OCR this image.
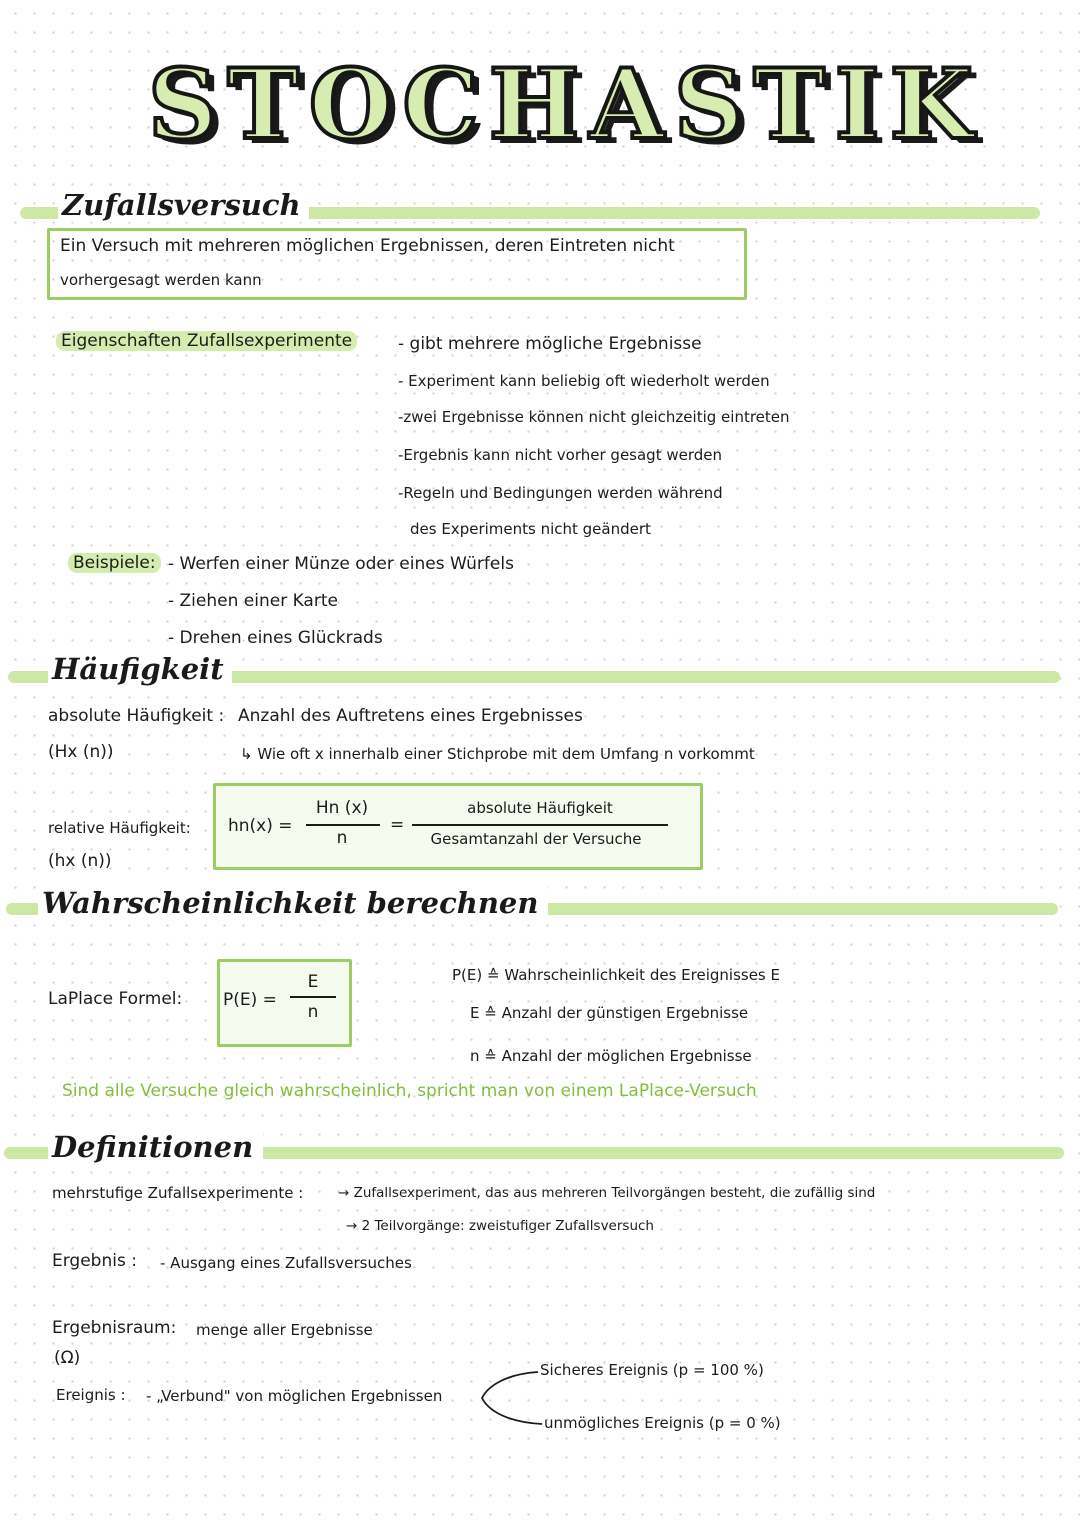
STOCHASTIK
Zufallsversuch
Ein Versuch mit mehreren möglichen Ergebnissen, deren Eintreten nicht
vorhergesagt werden kann
Eigenschaften Zufallsexperimente	- gibt mehrere mögliche Ergebnisse
- Experiment kann beliebig oft wiederholt werden
-zwei Ergebnisse können nicht gleichzeitig eintreten
-Ergebnis kann nicht vorher gesagt werden
-Regeln und Bedingungen werden während
des Experiments nicht geändert
Beispiele: - Werfen einer Münze oder eines Würfels
- Ziehen einer Karte
- Drehen eines Glückrads
Häufigkeit
absolute Häufigkeit : Anzahl des Auftretens eines Ergebnisses
(Hx (n))	↳ Wie oft x innerhalb einer Stichprobe mit dem Umfang n vorkommt
relative Häufigkeit:
(hx (n))
hn(x) =
Hn (x)
n
=
absolute Häufigkeit
Gesamtanzahl der Versuche
Wahrscheinlichkeit berechnen
LaPlace Formel: P(E) =
E
n
P(E) ≙ Wahrscheinlichkeit des Ereignisses E
E ≙ Anzahl der günstigen Ergebnisse
n ≙ Anzahl der möglichen Ergebnisse
Sind alle Versuche gleich wahrscheinlich, spricht man von einem LaPlace-Versuch
Definitionen
mehrstufige Zufallsexperimente :	→ Zufallsexperiment, das aus mehreren Teilvorgängen besteht, die zufällig sind
→ 2 Teilvorgänge: zweistufiger Zufallsversuch
Ergebnis : - Ausgang eines Zufallsversuches
Ergebnisraum: menge aller Ergebnisse
(Ω)
Ereignis : - „Verbund" von möglichen Ergebnissen
Sicheres Ereignis (p = 100 %)
unmögliches Ereignis (p = 0 %)
